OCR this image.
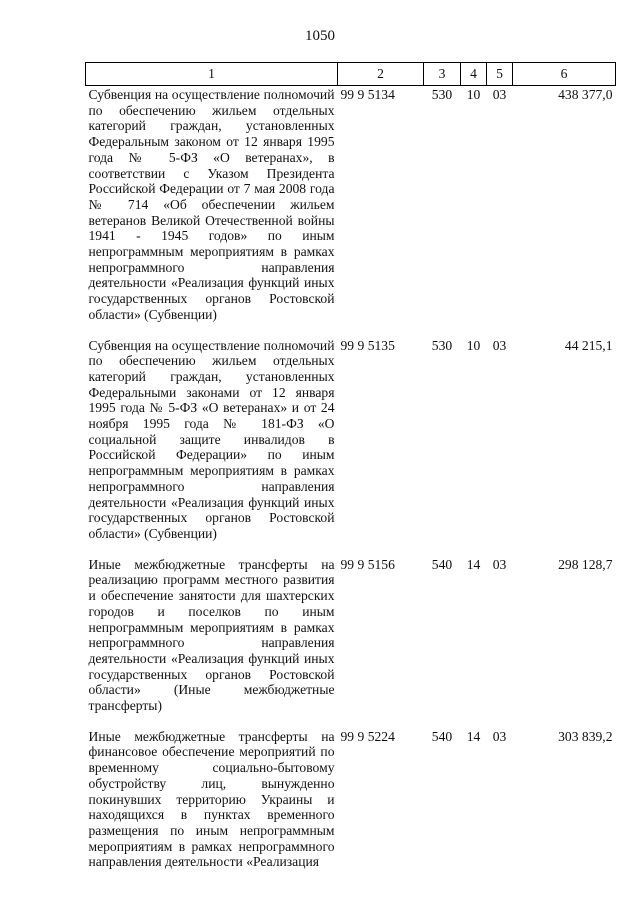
1050
1	2	3	4	5	6
Субвенция на осуществление полномочий по обеспечению жильем отдельных категорий граждан, установленных Федеральным законом от 12 января 1995 года № 5-ФЗ «О ветеранах», в соответствии с Указом Президента Российской Федерации от 7 мая 2008 года № 714 «Об обеспечении жильем ветеранов Великой Отечественной войны 1941 - 1945 годов» по иным непрограммным мероприятиям в рамках непрограммного направления деятельности «Реализация функций иных государственных органов Ростовской области» (Субвенции)	99 9 5134	530	10	03	438 377,0
Субвенция на осуществление полномочий по обеспечению жильем отдельных категорий граждан, установленных Федеральными законами от 12 января 1995 года № 5-ФЗ «О ветеранах» и от 24 ноября 1995 года № 181-ФЗ «О социальной защите инвалидов в Российской Федерации» по иным непрограммным мероприятиям в рамках непрограммного направления деятельности «Реализация функций иных государственных органов Ростовской области» (Субвенции)	99 9 5135	530	10	03	44 215,1
Иные межбюджетные трансферты на реализацию программ местного развития и обеспечение занятости для шахтерских городов и поселков по иным непрограммным мероприятиям в рамках непрограммного направления деятельности «Реализация функций иных государственных органов Ростовской области» (Иные межбюджетные трансферты)	99 9 5156	540	14	03	298 128,7
Иные межбюджетные трансферты на финансовое обеспечение мероприятий по временному социально-бытовому обустройству лиц, вынужденно покинувших территорию Украины и находящихся в пунктах временного размещения по иным непрограммным мероприятиям в рамках непрограммного направления деятельности «Реализация	99 9 5224	540	14	03	303 839,2
